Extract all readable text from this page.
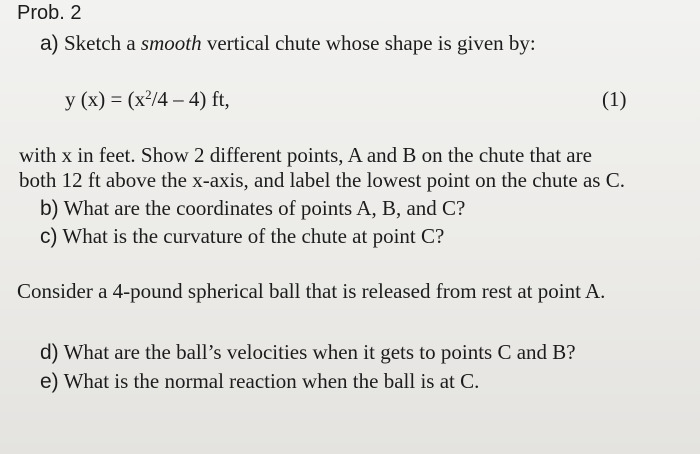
Prob. 2
a) Sketch a smooth vertical chute whose shape is given by:
y $(x) = (x^2/4 - 4)$ ft,	(1)
with x in feet. Show 2 different points, A and B on the chute that are
both 12 ft above the x-axis, and label the lowest point on the chute as C.
b) What are the coordinates of points A, B, and C?
c) What is the curvature of the chute at point C?
Consider a 4-pound spherical ball that is released from rest at point A.
d) What are the ball’s velocities when it gets to points C and B?
e) What is the normal reaction when the ball is at C.
